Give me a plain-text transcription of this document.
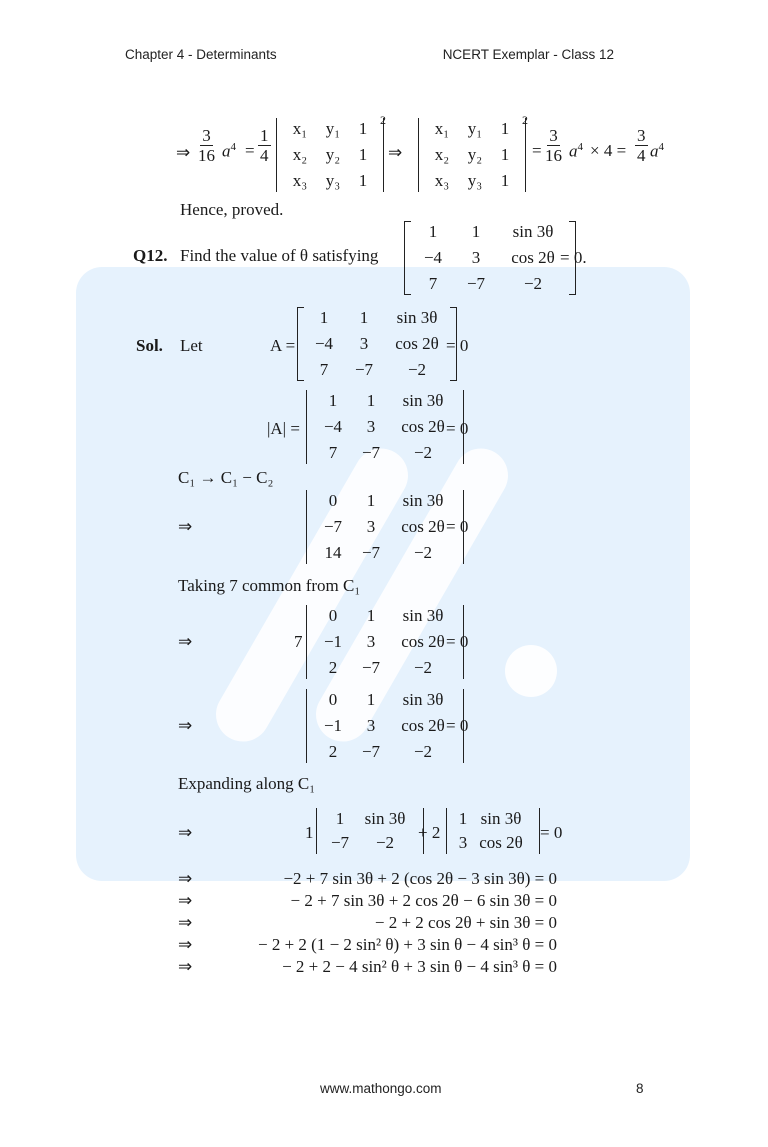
Chapter 4 - Determinants	NCERT Exemplar - Class 12
www.mathongo.com	8
⇒ $\frac{3}{16} a^4 = \frac{1}{4}$	x₁	y₁	1
x₂	y₂	1
x₃	y₃	1
2
⇒
x₁	y₁	1
x₂	y₂	1
x₃	y₃	1
2
= $\frac{3}{16} a^4 \times 4 = \frac{3}{4} a^4$
Hence, proved.
Q12. Find the value of θ satisfying
1	1	sin 3θ
−4	3	cos 2θ
7	−7	−2
= 0.
Sol. Let	A =
1	1	sin 3θ
−4	3	cos 2θ
7	−7	−2
= 0
|A| =
1	1	sin 3θ
−4	3	cos 2θ
7	−7	−2
= 0
C₁ → C₁ − C₂
⇒
0	1	sin 3θ
−7	3	cos 2θ
14	−7	−2
= 0
Taking 7 common from C₁
⇒	7
0	1	sin 3θ
−1	3	cos 2θ
2	−7	−2
= 0
⇒
0	1	sin 3θ
−1	3	cos 2θ
2	−7	−2
= 0
Expanding along C₁
⇒	1
1	sin 3θ
−7	−2
+ 2
1 sin 3θ
3 cos 2θ
= 0
⇒	−2 + 7 sin 3θ + 2 (cos 2θ − 3 sin 3θ) = 0
⇒	− 2 + 7 sin 3θ + 2 cos 2θ − 6 sin 3θ = 0
⇒	− 2 + 2 cos 2θ + sin 3θ = 0
⇒	− 2 + 2 (1 − 2 sin² θ) + 3 sin θ − 4 sin³ θ = 0
⇒	− 2 + 2 − 4 sin² θ + 3 sin θ − 4 sin³ θ = 0
